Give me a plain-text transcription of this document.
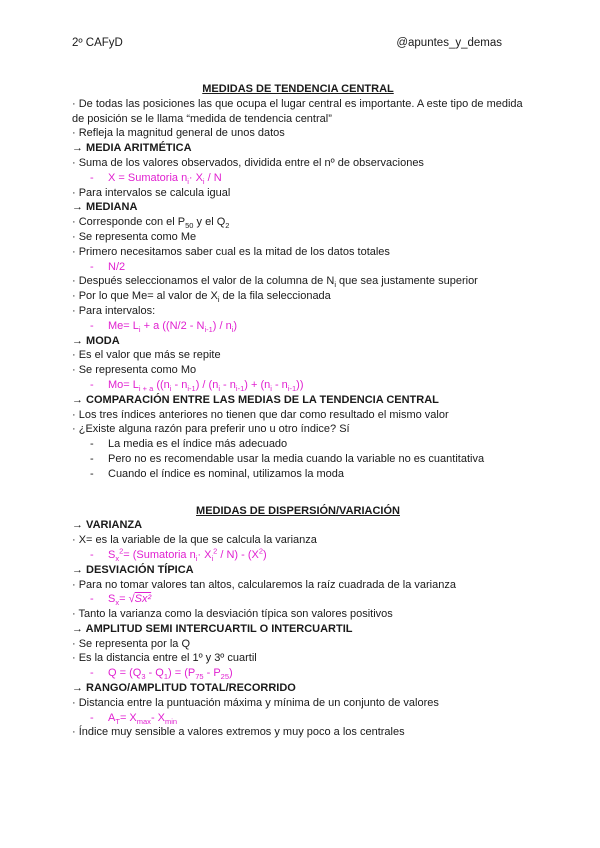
2º CAFyD	@apuntes_y_demas
MEDIDAS DE TENDENCIA CENTRAL
· De todas las posiciones las que ocupa el lugar central es importante. A este tipo de medida de posición se le llama “medida de tendencia central”
· Refleja la magnitud general de unos datos
→ MEDIA ARITMÉTICA
· Suma de los valores observados, dividida entre el nº de observaciones
- X = Sumatoria $n_i\cdot X_i / N$
· Para intervalos se calcula igual
→ MEDIANA
· Corresponde con el $P_{50}$ y el $Q_2$
· Se representa como Me
· Primero necesitamos saber cual es la mitad de los datos totales
- N/2
· Después seleccionamos el valor de la columna de $N_i$ que sea justamente superior
· Por lo que Me= al valor de $X_i$ de la fila seleccionada
· Para intervalos:
- $Me= L_i + a$ $((N/2 - N_{i-1}) / n_i)$
→ MODA
· Es el valor que más se repite
· Se representa como Mo
- $Mo= L_{i + a}$ $((n_i - n_{i-1}) / (n_i - n_{i-1}) + (n_i - n_{i-1}))$
→ COMPARACIÓN ENTRE LAS MEDIAS DE LA TENDENCIA CENTRAL
· Los tres índices anteriores no tienen que dar como resultado el mismo valor
· ¿Existe alguna razón para preferir uno u otro índice? Sí
- La media es el índice más adecuado
- Pero no es recomendable usar la media cuando la variable no es cuantitativa
- Cuando el índice es nominal, utilizamos la moda
MEDIDAS DE DISPERSIÓN/VARIACIÓN
→ VARIANZA
· X= es la variable de la que se calcula la varianza
- $S_x^2=$ (Sumatoria $n_i\cdot X_i^2 / N) - (X^2)$
→ DESVIACIÓN TÍPICA
· Para no tomar valores tan altos, calcularemos la raíz cuadrada de la varianza
- $S_x= √Sx^2$
· Tanto la varianza como la desviación típica son valores positivos
→ AMPLITUD SEMI INTERCUARTIL O INTERCUARTIL
· Se representa por la Q
· Es la distancia entre el 1º y 3º cuartil
- $Q = (Q_3 - Q_1) = (P_{75} - P_{25})$
→ RANGO/AMPLITUD TOTAL/RECORRIDO
· Distancia entre la puntuación máxima y mínima de un conjunto de valores
- $A_T= X_{max}-$ $X_{min}$
· Índice muy sensible a valores extremos y muy poco a los centrales
